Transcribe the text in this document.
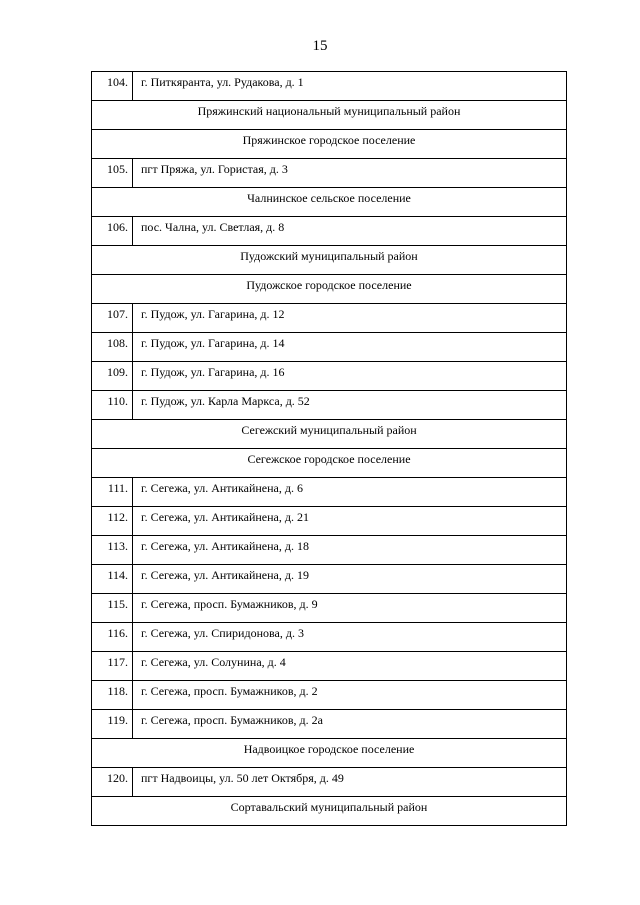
15
104.	г. Питкяранта, ул. Рудакова, д. 1
Пряжинский национальный муниципальный район	
Пряжинское городское поселение	
105.	пгт Пряжа, ул. Гористая, д. 3
Чалнинское сельское поселение	
106.	пос. Чална, ул. Светлая, д. 8
Пудожский муниципальный район	
Пудожское городское поселение	
107.	г. Пудож, ул. Гагарина, д. 12
108.	г. Пудож, ул. Гагарина, д. 14
109.	г. Пудож, ул. Гагарина, д. 16
110.	г. Пудож, ул. Карла Маркса, д. 52
Сегежский муниципальный район	
Сегежское городское поселение	
111.	г. Сегежа, ул. Антикайнена, д. 6
112.	г. Сегежа, ул. Антикайнена, д. 21
113.	г. Сегежа, ул. Антикайнена, д. 18
114.	г. Сегежа, ул. Антикайнена, д. 19
115.	г. Сегежа, просп. Бумажников, д. 9
116.	г. Сегежа, ул. Спиридонова, д. 3
117.	г. Сегежа, ул. Солунина, д. 4
118.	г. Сегежа, просп. Бумажников, д. 2
119.	г. Сегежа, просп. Бумажников, д. 2а
Надвоицкое городское поселение	
120.	пгт Надвоицы, ул. 50 лет Октября, д. 49
Сортавальский муниципальный район	
